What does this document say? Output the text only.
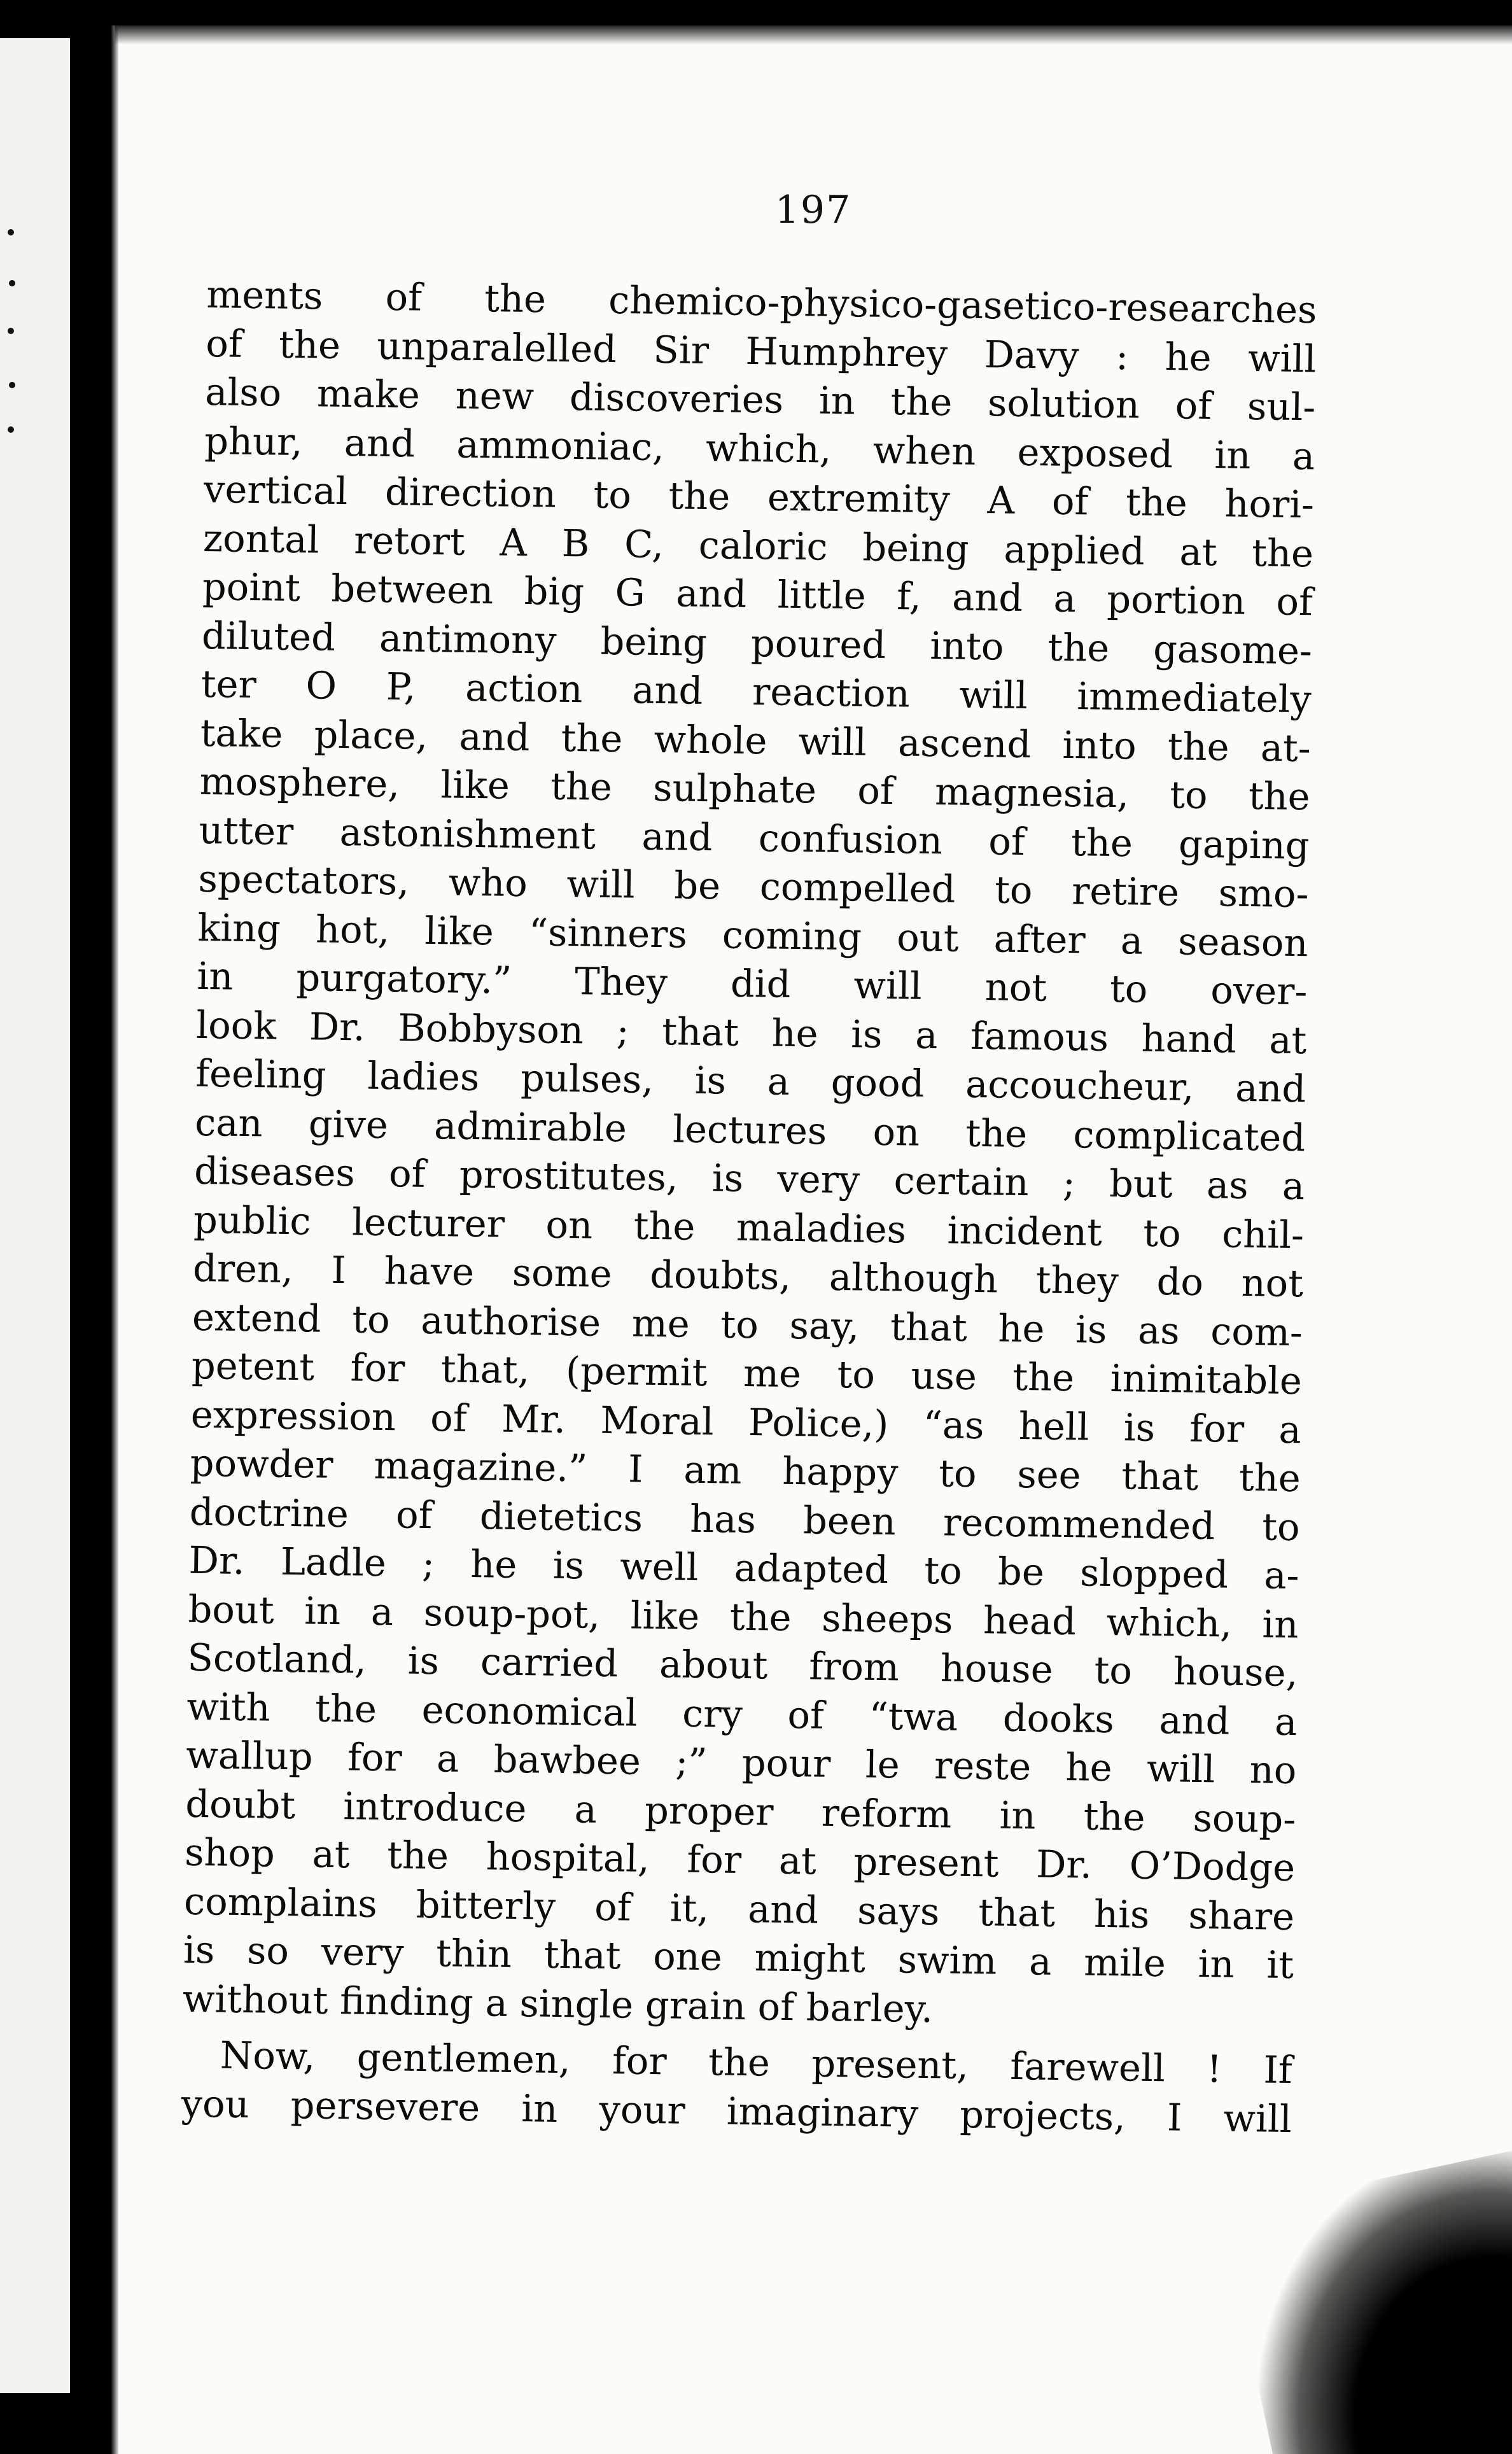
197
ments of the chemico-physico-gasetico-researches
of the unparalelled Sir Humphrey Davy : he will
also make new discoveries in the solution of sul-
phur, and ammoniac, which, when exposed in a
vertical direction to the extremity A of the hori-
zontal retort A B C, caloric being applied at the
point between big G and little f, and a portion of
diluted antimony being poured into the gasome-
ter O P, action and reaction will immediately
take place, and the whole will ascend into the at-
mosphere, like the sulphate of magnesia, to the
utter astonishment and confusion of the gaping
spectators, who will be compelled to retire smo-
king hot, like “sinners coming out after a season
in purgatory.” They did will not to over-
look Dr. Bobbyson ; that he is a famous hand at
feeling ladies pulses, is a good accoucheur, and
can give admirable lectures on the complicated
diseases of prostitutes, is very certain ; but as a
public lecturer on the maladies incident to chil-
dren, I have some doubts, although they do not
extend to authorise me to say, that he is as com-
petent for that, (permit me to use the inimitable
expression of Mr. Moral Police,) “as hell is for a
powder magazine.” I am happy to see that the
doctrine of dietetics has been recommended to
Dr. Ladle ; he is well adapted to be slopped a-
bout in a soup-pot, like the sheeps head which, in
Scotland, is carried about from house to house,
with the economical cry of “twa dooks and a
wallup for a bawbee ;” pour le reste he will no
doubt introduce a proper reform in the soup-
shop at the hospital, for at present Dr. O’Dodge
complains bitterly of it, and says that his share
is so very thin that one might swim a mile in it
without finding a single grain of barley.
Now, gentlemen, for the present, farewell ! If
you persevere in your imaginary projects, I will
